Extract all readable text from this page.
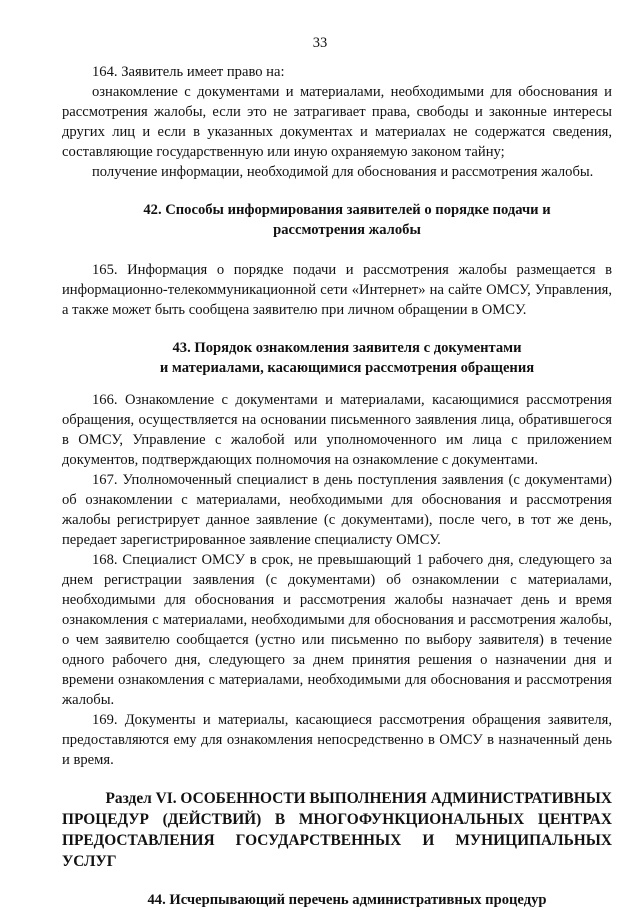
33

164. Заявитель имеет право на:

ознакомление с документами и материалами, необходимыми для обоснования и рассмотрения жалобы, если это не затрагивает права, свободы и законные интересы других лиц и если в указанных документах и материалах не содержатся сведения, составляющие государственную или иную охраняемую законом тайну;

получение информации, необходимой для обоснования и рассмотрения жалобы.

42. Способы информирования заявителей о порядке подачи и
рассмотрения жалобы

165. Информация о порядке подачи и рассмотрения жалобы размещается в информационно-телекоммуникационной сети «Интернет» на сайте ОМСУ, Управления, а также может быть сообщена заявителю при личном обращении в ОМСУ.

43. Порядок ознакомления заявителя с документами
и материалами, касающимися рассмотрения обращения

166. Ознакомление с документами и материалами, касающимися рассмотрения обращения, осуществляется на основании письменного заявления лица, обратившегося в ОМСУ, Управление с жалобой или уполномоченного им лица с приложением документов, подтверждающих полномочия на ознакомление с документами.

167. Уполномоченный специалист в день поступления заявления (с документами) об ознакомлении с материалами, необходимыми для обоснования и рассмотрения жалобы регистрирует данное заявление (с документами), после чего, в тот же день, передает зарегистрированное заявление специалисту ОМСУ.

168. Специалист ОМСУ в срок, не превышающий 1 рабочего дня, следующего за днем регистрации заявления (с документами) об ознакомлении с материалами, необходимыми для обоснования и рассмотрения жалобы назначает день и время ознакомления с материалами, необходимыми для обоснования и рассмотрения жалобы, о чем заявителю сообщается (устно или письменно по выбору заявителя) в течение одного рабочего дня, следующего за днем принятия решения о назначении дня и времени ознакомления с материалами, необходимыми для обоснования и рассмотрения жалобы.

169. Документы и материалы, касающиеся рассмотрения обращения заявителя, предоставляются ему для ознакомления непосредственно в ОМСУ в назначенный день и время.

Раздел VI. ОСОБЕННОСТИ ВЫПОЛНЕНИЯ АДМИНИСТРАТИВНЫХ
ПРОЦЕДУР (ДЕЙСТВИЙ) В МНОГОФУНКЦИОНАЛЬНЫХ ЦЕНТРАХ
ПРЕДОСТАВЛЕНИЯ ГОСУДАРСТВЕННЫХ И МУНИЦИПАЛЬНЫХ УСЛУГ
44. Исчерпывающий перечень административных процедур
